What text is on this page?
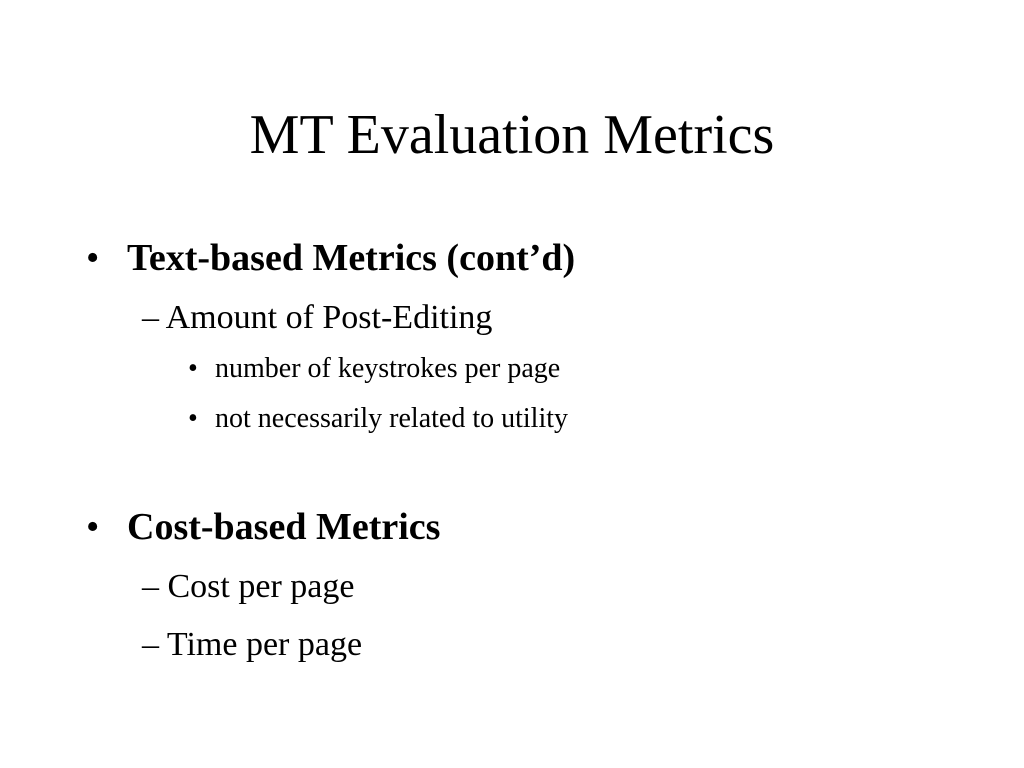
MT Evaluation Metrics
• Text-based Metrics (cont’d)
– Amount of Post-Editing
• number of keystrokes per page
• not necessarily related to utility
• Cost-based Metrics
– Cost per page
– Time per page
